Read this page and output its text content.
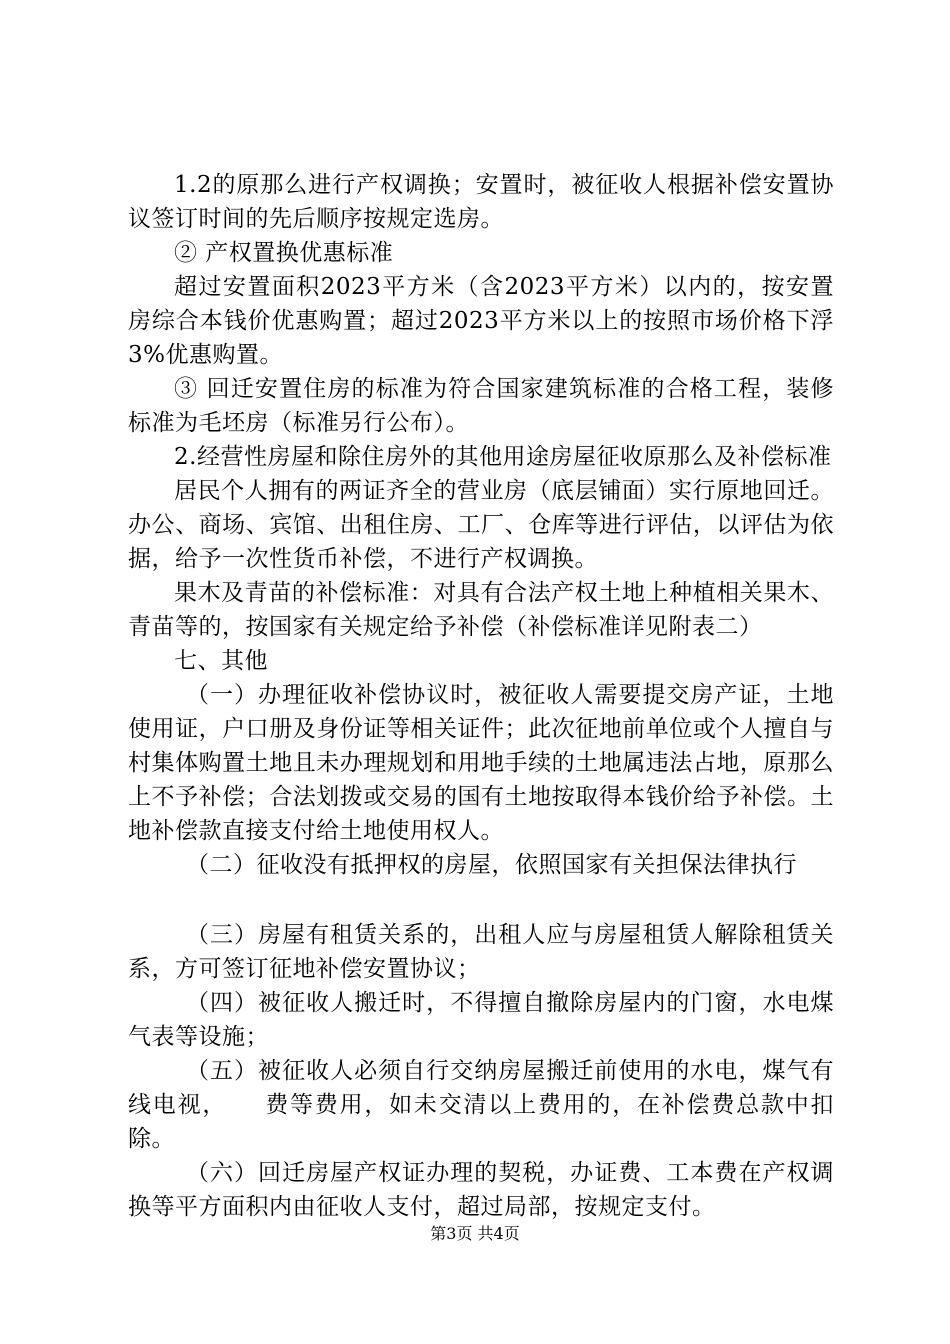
1.2的原那么进行产权调换；安置时，被征收人根据补偿安置协议签订时间的先后顺序按规定选房。

② 产权置换优惠标准

超过安置面积2023平方米（含2023平方米）以内的，按安置房综合本钱价优惠购置；超过2023平方米以上的按照市场价格下浮3%优惠购置。

③ 回迁安置住房的标准为符合国家建筑标准的合格工程，装修标准为毛坯房（标准另行公布）。

2.经营性房屋和除住房外的其他用途房屋征收原那么及补偿标准

居民个人拥有的两证齐全的营业房（底层铺面）实行原地回迁。办公、商场、宾馆、出租住房、工厂、仓库等进行评估，以评估为依据，给予一次性货币补偿，不进行产权调换。

果木及青苗的补偿标准：对具有合法产权土地上种植相关果木、青苗等的，按国家有关规定给予补偿（补偿标准详见附表二）

七、其他

（一）办理征收补偿协议时，被征收人需要提交房产证，土地使用证，户口册及身份证等相关证件；此次征地前单位或个人擅自与村集体购置土地且未办理规划和用地手续的土地属违法占地，原那么上不予补偿；合法划拨或交易的国有土地按取得本钱价给予补偿。土地补偿款直接支付给土地使用权人。

（二）征收没有抵押权的房屋，依照国家有关担保法律执行

（三）房屋有租赁关系的，出租人应与房屋租赁人解除租赁关系，方可签订征地补偿安置协议；

（四）被征收人搬迁时，不得擅自撤除房屋内的门窗，水电煤气表等设施；

（五）被征收人必须自行交纳房屋搬迁前使用的水电，煤气有线电视，　　费等费用，如未交清以上费用的，在补偿费总款中扣除。

（六）回迁房屋产权证办理的契税，办证费、工本费在产权调换等平方面积内由征收人支付，超过局部，按规定支付。

第3页 共4页
